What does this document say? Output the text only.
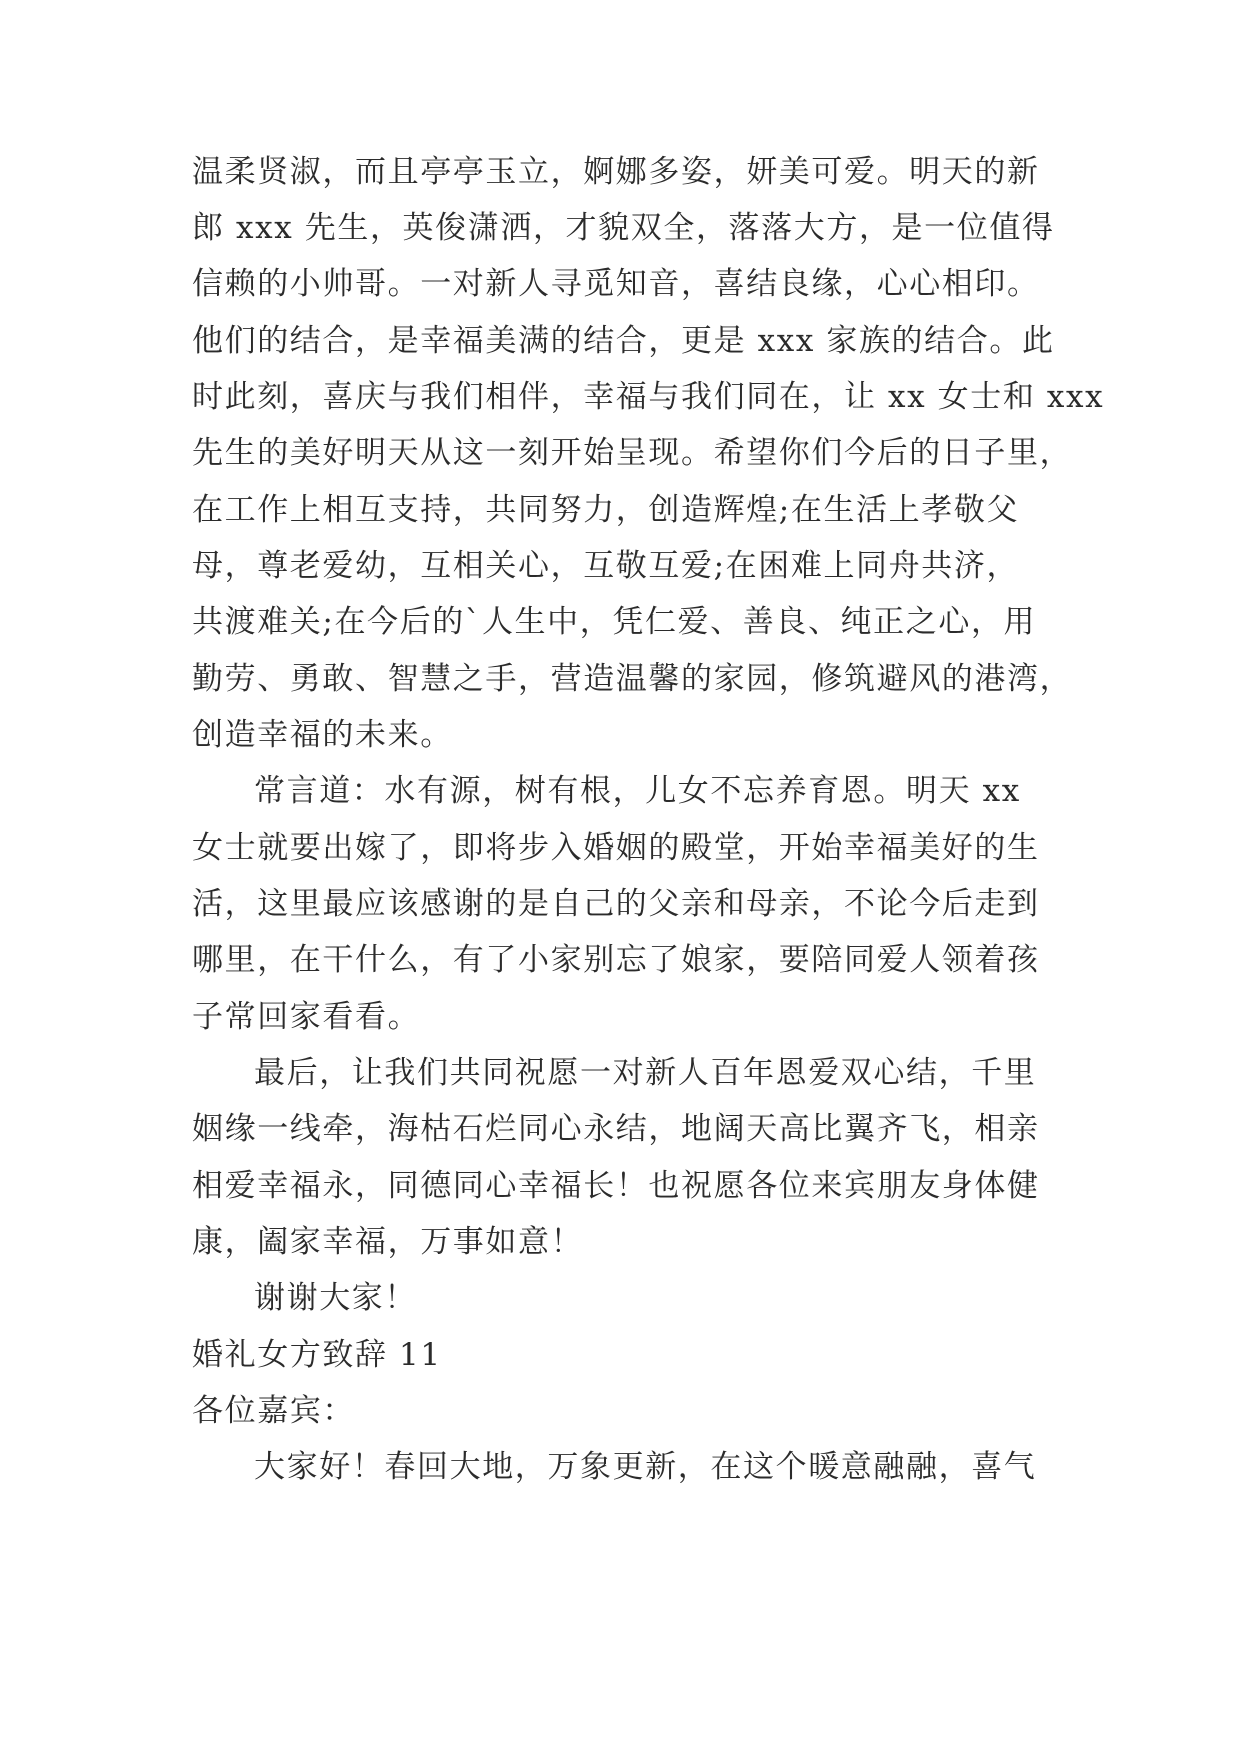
温柔贤淑，而且亭亭玉立，婀娜多姿，妍美可爱。明天的新
郎 xxx 先生，英俊潇洒，才貌双全，落落大方，是一位值得
信赖的小帅哥。一对新人寻觅知音，喜结良缘，心心相印。
他们的结合，是幸福美满的结合，更是 xxx 家族的结合。此
时此刻，喜庆与我们相伴，幸福与我们同在，让 xx 女士和 xxx
先生的美好明天从这一刻开始呈现。希望你们今后的日子里，
在工作上相互支持，共同努力，创造辉煌;在生活上孝敬父
母，尊老爱幼，互相关心，互敬互爱;在困难上同舟共济，
共渡难关;在今后的`人生中，凭仁爱、善良、纯正之心，用
勤劳、勇敢、智慧之手，营造温馨的家园，修筑避风的港湾，
创造幸福的未来。
常言道：水有源，树有根，儿女不忘养育恩。明天 xx
女士就要出嫁了，即将步入婚姻的殿堂，开始幸福美好的生
活，这里最应该感谢的是自己的父亲和母亲，不论今后走到
哪里，在干什么，有了小家别忘了娘家，要陪同爱人领着孩
子常回家看看。
最后，让我们共同祝愿一对新人百年恩爱双心结，千里
姻缘一线牵，海枯石烂同心永结，地阔天高比翼齐飞，相亲
相爱幸福永，同德同心幸福长！也祝愿各位来宾朋友身体健
康，阖家幸福，万事如意！
谢谢大家！
婚礼女方致辞 11
各位嘉宾：
大家好！春回大地，万象更新，在这个暖意融融，喜气
